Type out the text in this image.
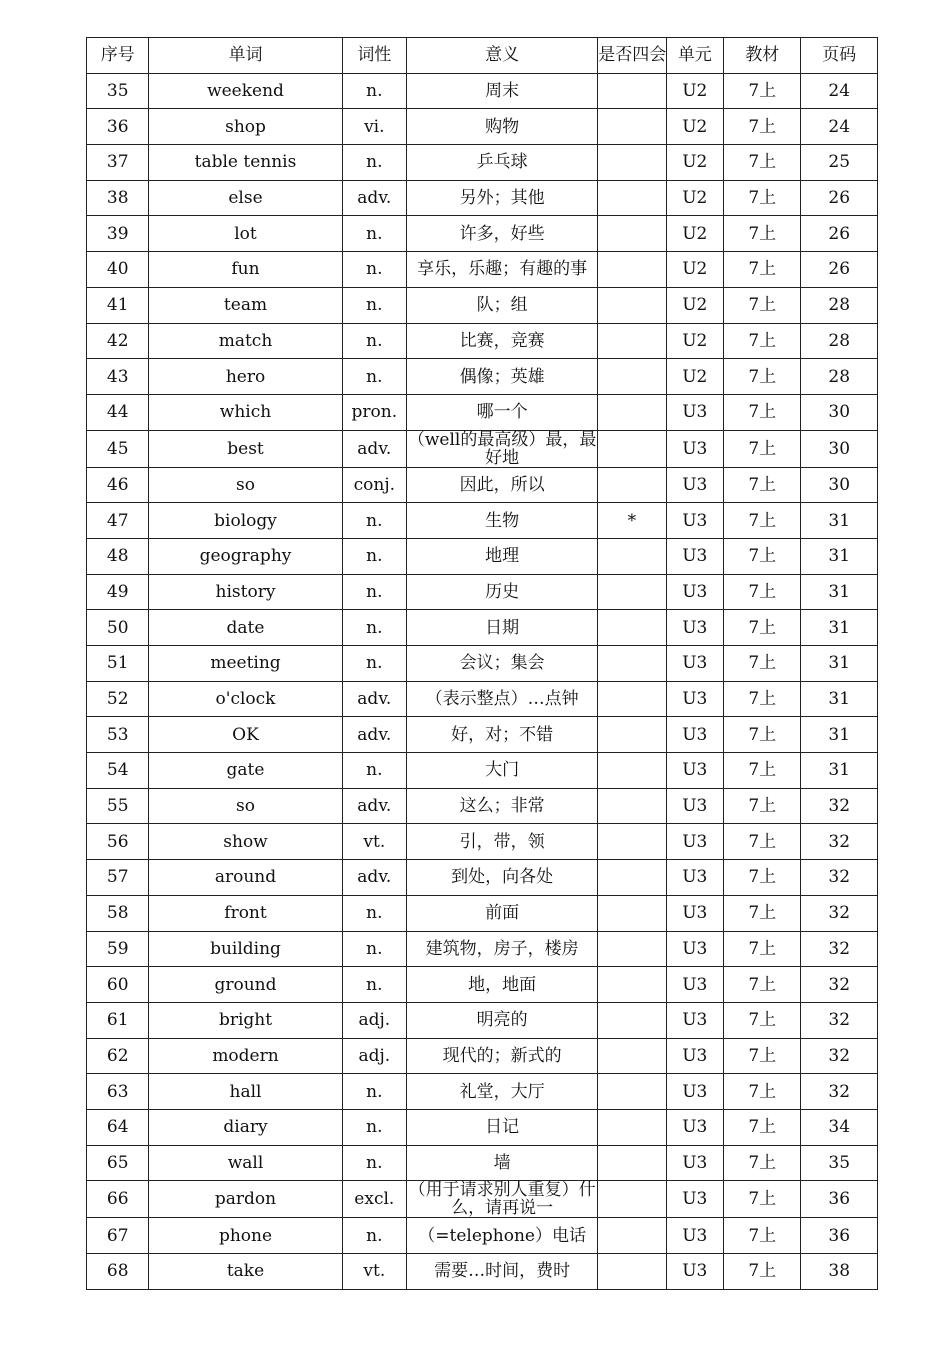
序号	单词	词性	意义	是否四会	单元	教材	页码
35	weekend	n.	周末		U2	7上	24
36	shop	vi.	购物		U2	7上	24
37	table tennis	n.	乒乓球		U2	7上	25
38	else	adv.	另外；其他		U2	7上	26
39	lot	n.	许多，好些		U2	7上	26
40	fun	n.	享乐，乐趣；有趣的事		U2	7上	26
41	team	n.	队；组		U2	7上	28
42	match	n.	比赛，竞赛		U2	7上	28
43	hero	n.	偶像；英雄		U2	7上	28
44	which	pron.	哪一个		U3	7上	30
45	best	adv.	（well的最高级）最，最好地		U3	7上	30
46	so	conj.	因此，所以		U3	7上	30
47	biology	n.	生物	*	U3	7上	31
48	geography	n.	地理		U3	7上	31
49	history	n.	历史		U3	7上	31
50	date	n.	日期		U3	7上	31
51	meeting	n.	会议；集会		U3	7上	31
52	o'clock	adv.	（表示整点）…点钟		U3	7上	31
53	OK	adv.	好，对；不错		U3	7上	31
54	gate	n.	大门		U3	7上	31
55	so	adv.	这么；非常		U3	7上	32
56	show	vt.	引，带，领		U3	7上	32
57	around	adv.	到处，向各处		U3	7上	32
58	front	n.	前面		U3	7上	32
59	building	n.	建筑物，房子，楼房		U3	7上	32
60	ground	n.	地，地面		U3	7上	32
61	bright	adj.	明亮的		U3	7上	32
62	modern	adj.	现代的；新式的		U3	7上	32
63	hall	n.	礼堂，大厅		U3	7上	32
64	diary	n.	日记		U3	7上	34
65	wall	n.	墙		U3	7上	35
66	pardon	excl.	（用于请求别人重复）什么，请再说一		U3	7上	36
67	phone	n.	（=telephone）电话		U3	7上	36
68	take	vt.	需要…时间，费时		U3	7上	38
